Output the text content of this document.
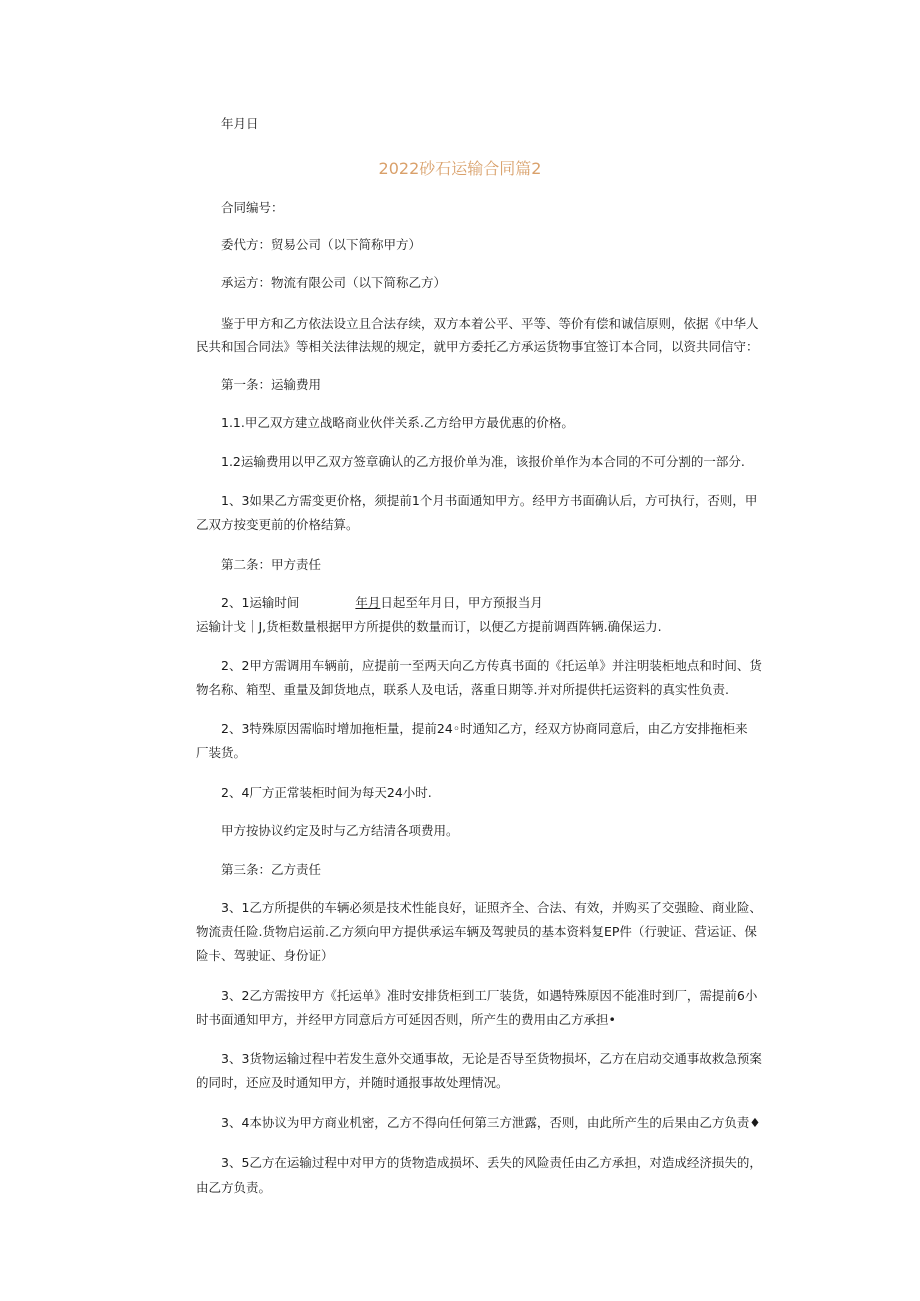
年月日

2022砂石运输合同篇2

合同编号：

委代方：贸易公司（以下简称甲方）

承运方：物流有限公司（以下简称乙方）

鉴于甲方和乙方依法设立且合法存续，双方本着公平、平等、等价有偿和诚信原则，依据《中华人

民共和国合同法》等相关法律法规的规定，就甲方委托乙方承运货物事宜签订本合同，以资共同信守：

第一条：运输费用

1.1.甲乙双方建立战略商业伙伴关系.乙方给甲方最优惠的价格。

1.2运输费用以甲乙双方签章确认的乙方报价单为准，该报价单作为本合同的不可分割的一部分.

1、3如果乙方需变更价格，须提前1个月书面通知甲方。经甲方书面确认后，方可执行，否则，甲

乙双方按变更前的价格结算。

第二条：甲方责任

2、1运输时间	年月日起至年月日，甲方预报当月

运输计戈｜J,货柜数量根据甲方所提供的数量而订，以便乙方提前调酉阵辆.确保运力.

2、2甲方需调用车辆前，应提前一至两天向乙方传真书面的《托运单》并注明装柜地点和时间、货

物名称、箱型、重量及卸货地点，联系人及电话，落重日期等.并对所提供托运资料的真实性负责.

2、3特殊原因需临时增加拖柜量，提前24◦时通知乙方，经双方协商同意后，由乙方安排拖柜来

厂装货。

2、4厂方正常装柜时间为每天24小时.

甲方按协议约定及时与乙方结清各项费用。

第三条：乙方责任

3、1乙方所提供的车辆必须是技术性能良好，证照齐全、合法、有效，并购买了交强睑、商业险、

物流责任险.货物启运前.乙方须向甲方提供承运车辆及驾驶员的基本资料复EP件（行驶证、营运证、保

险卡、驾驶证、身份证）

3、2乙方需按甲方《托运单》准时安排货柜到工厂装货，如遇特殊原因不能准时到厂，需提前6小

时书面通知甲方，并经甲方同意后方可延因否则，所产生的费用由乙方承担•

3、3货物运输过程中若发生意外交通事故，无论是否导至货物损坏，乙方在启动交通事故救急预案

的同时，还应及时通知甲方，并随时通报事故处理情况。

3、4本协议为甲方商业机密，乙方不得向任何第三方泄露，否则，由此所产生的后果由乙方负责♦

3、5乙方在运输过程中对甲方的货物造成损坏、丢失的风险责任由乙方承担，对造成经济损失的，

由乙方负责。
